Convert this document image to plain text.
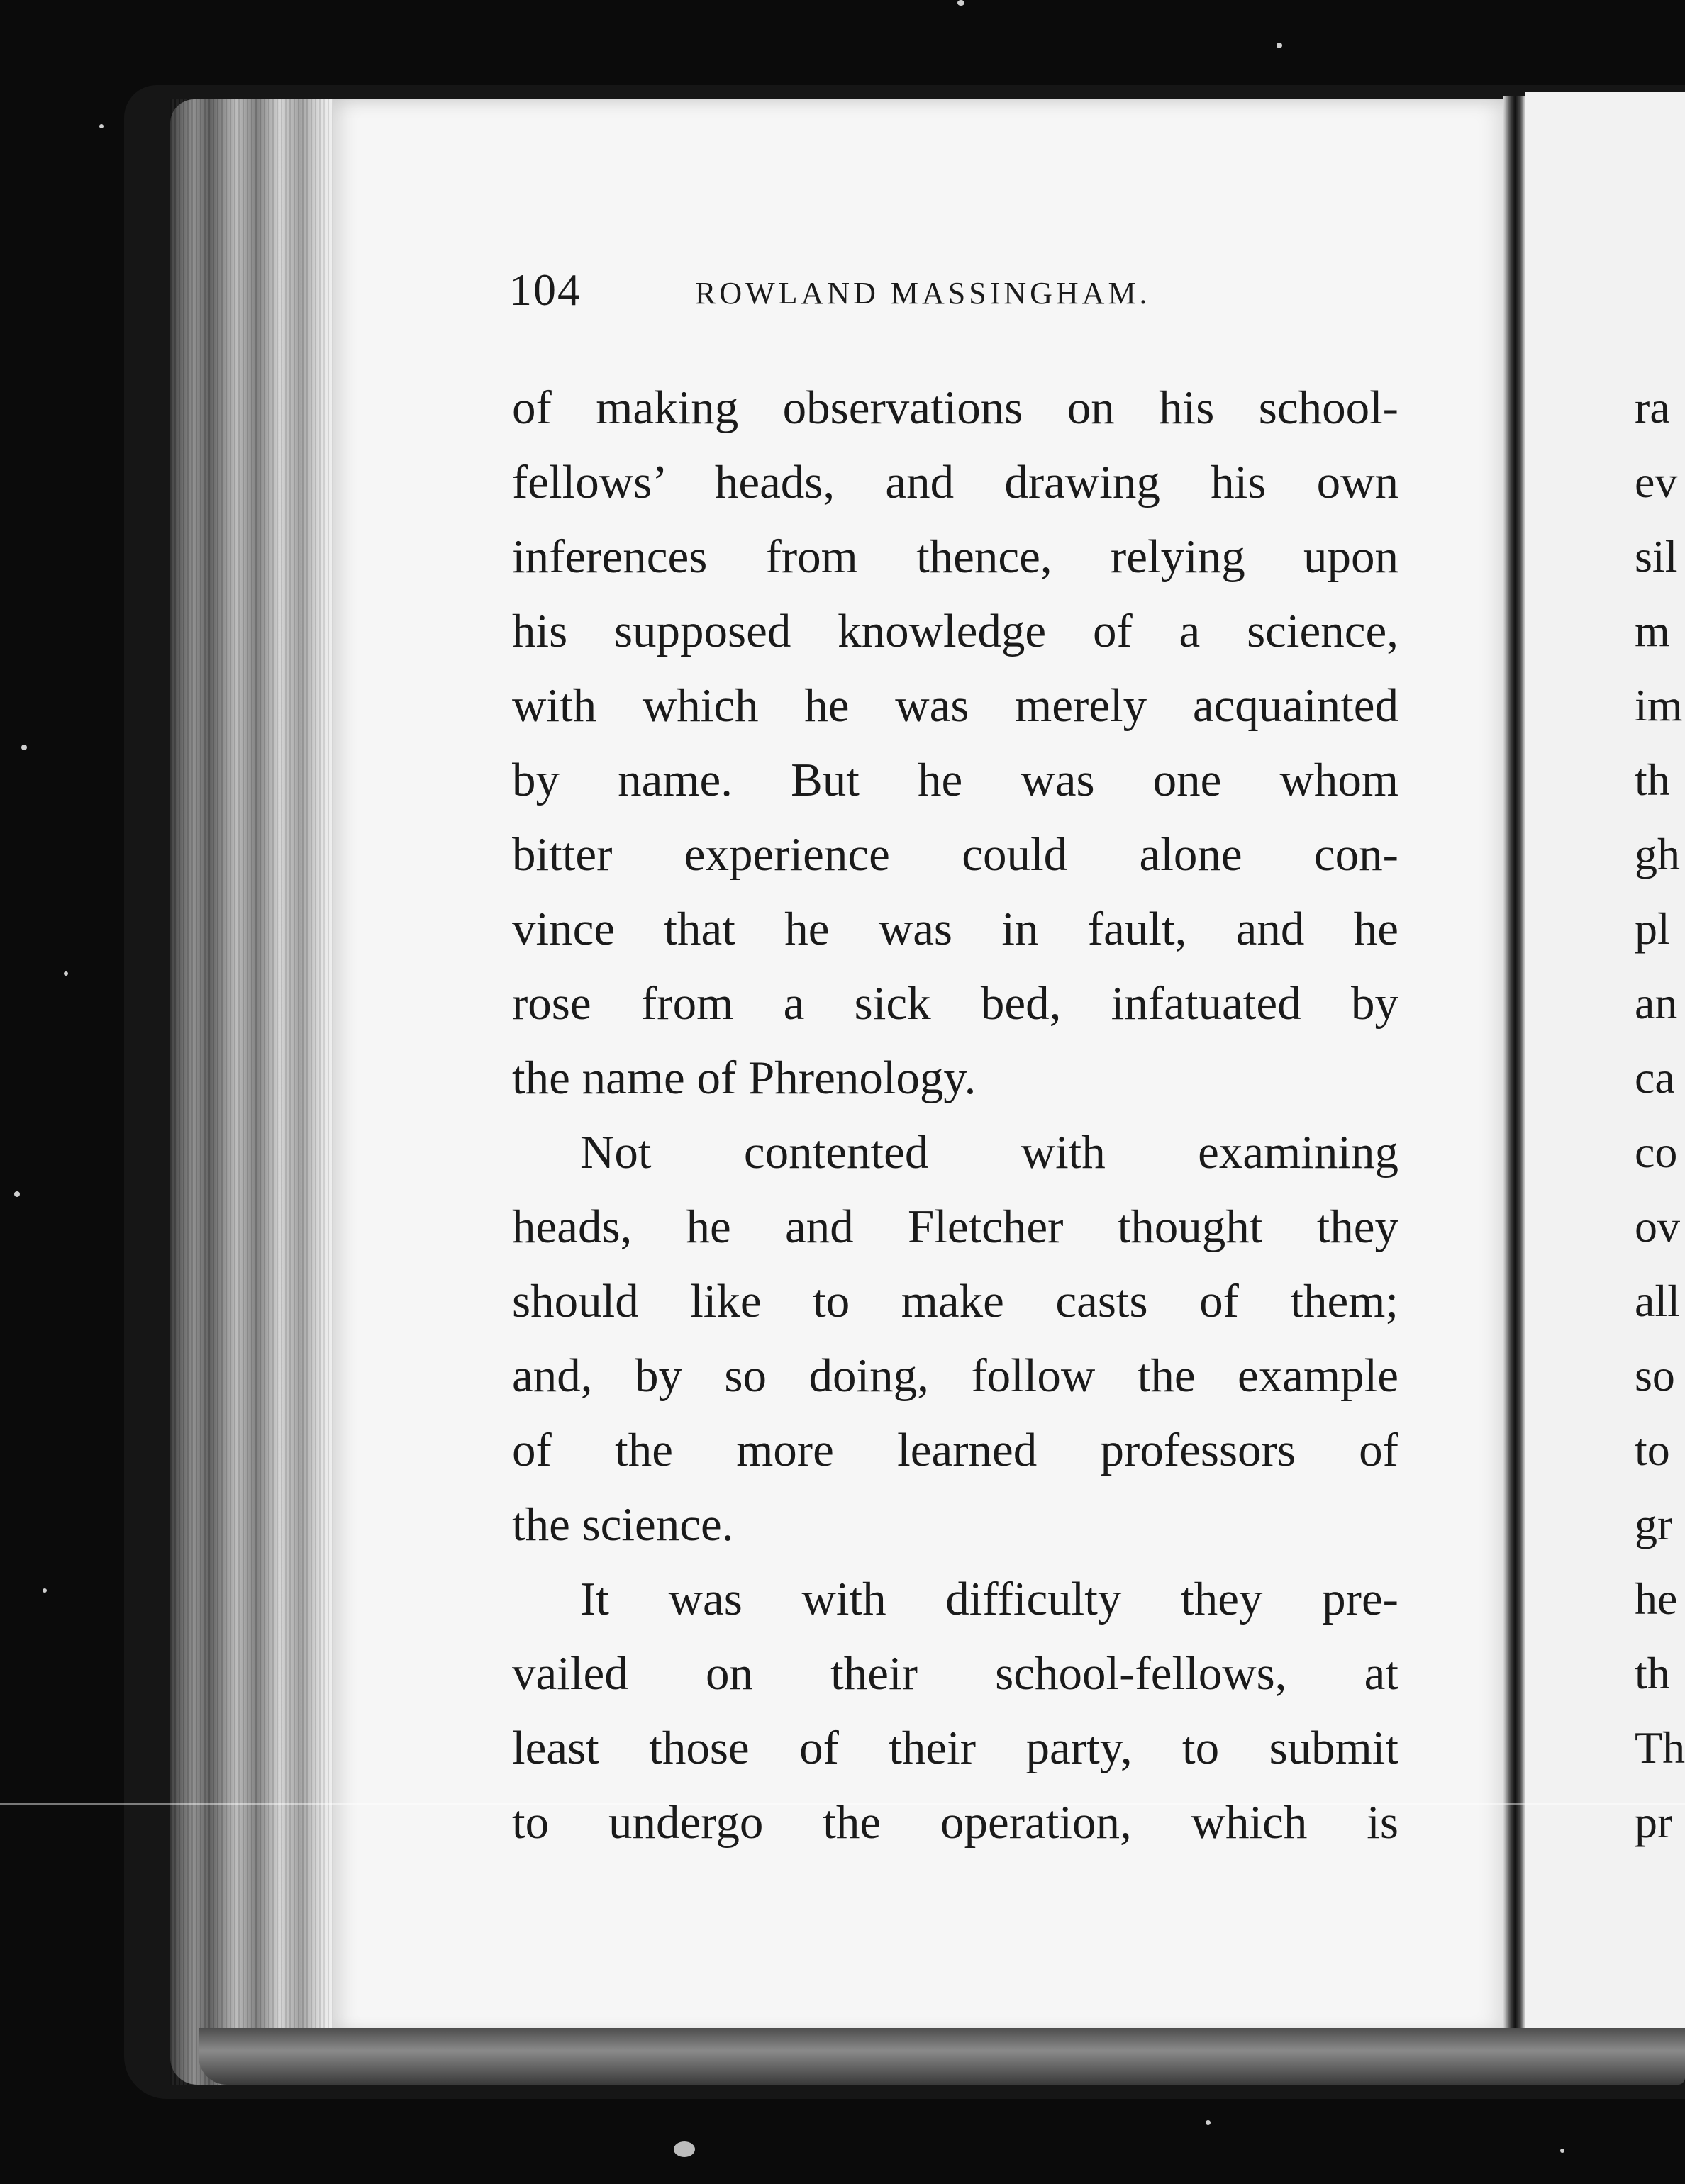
104	ROWLAND MASSINGHAM.
of making observations on his school-
fellows’ heads, and drawing his own
inferences from thence, relying upon
his supposed knowledge of a science,
with which he was merely acquainted
by name. But he was one whom
bitter experience could alone con-
vince that he was in fault, and he
rose from a sick bed, infatuated by
the name of Phrenology.
Not contented with examining
heads, he and Fletcher thought they
should like to make casts of them;
and, by so doing, follow the example
of the more learned professors of
the science.
It was with difficulty they pre-
vailed on their school-fellows, at
least those of their party, to submit
to undergo the operation, which is
ra
ev
sil
m
im
th
gh
pl
an
ca
co
ov
all
so
to
gr
he
th
Th
pr
